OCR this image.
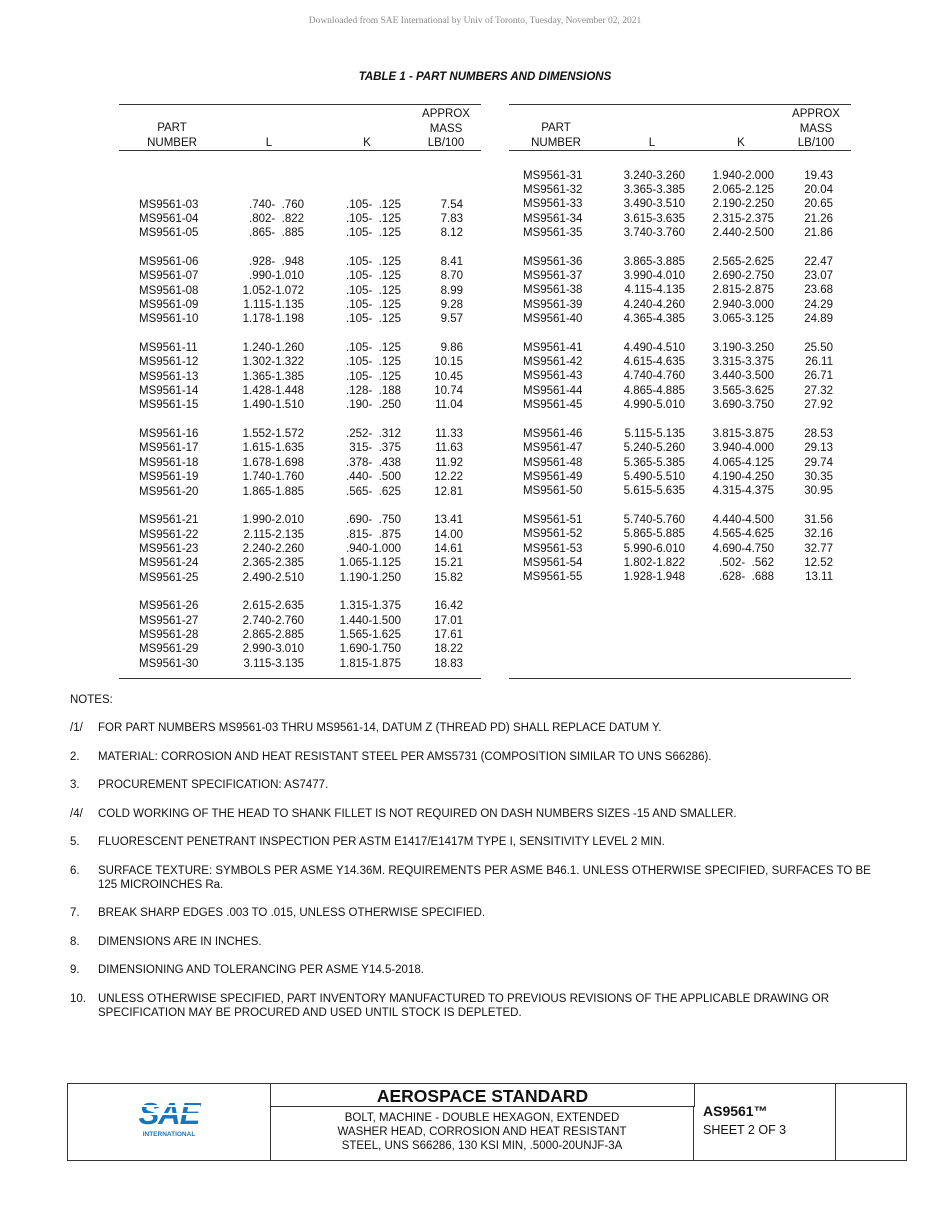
Downloaded from SAE International by Univ of Toronto, Tuesday, November 02, 2021
TABLE 1 - PART NUMBERS AND DIMENSIONS
PART
NUMBER	L	K
APPROX
MASS
LB/100
MS9561-03	.740-  .760	.105-  .125	7.54
MS9561-04	.802-  .822	.105-  .125	7.83
MS9561-05	.865-  .885	.105-  .125	8.12
MS9561-06	.928-  .948	.105-  .125	8.41
MS9561-07	.990-1.010	.105-  .125	8.70
MS9561-08	1.052-1.072	.105-  .125	8.99
MS9561-09	1.115-1.135	.105-  .125	9.28
MS9561-10	1.178-1.198	.105-  .125	9.57
MS9561-11	1.240-1.260	.105-  .125	9.86
MS9561-12	1.302-1.322	.105-  .125	10.15
MS9561-13	1.365-1.385	.105-  .125	10.45
MS9561-14	1.428-1.448	.128-  .188	10.74
MS9561-15	1.490-1.510	.190-  .250	11.04
MS9561-16	1.552-1.572	.252-  .312	11.33
MS9561-17	1.615-1.635	315-  .375	11.63
MS9561-18	1.678-1.698	.378-  .438	11.92
MS9561-19	1.740-1.760	.440-  .500	12.22
MS9561-20	1.865-1.885	.565-  .625	12.81
MS9561-21	1.990-2.010	.690-  .750	13.41
MS9561-22	2.115-2.135	.815-  .875	14.00
MS9561-23	2.240-2.260	.940-1.000	14.61
MS9561-24	2.365-2.385	1.065-1.125	15.21
MS9561-25	2.490-2.510	1.190-1.250	15.82
MS9561-26	2.615-2.635	1.315-1.375	16.42
MS9561-27	2.740-2.760	1.440-1.500	17.01
MS9561-28	2.865-2.885	1.565-1.625	17.61
MS9561-29	2.990-3.010	1.690-1.750	18.22
MS9561-30	3.115-3.135	1.815-1.875	18.83
PART
NUMBER	L	K
APPROX
MASS
LB/100
MS9561-31	3.240-3.260 1.940-2.000	19.43
MS9561-32	3.365-3.385 2.065-2.125	20.04
MS9561-33	3.490-3.510 2.190-2.250	20.65
MS9561-34	3.615-3.635 2.315-2.375	21.26
MS9561-35	3.740-3.760 2.440-2.500	21.86
MS9561-36	3.865-3.885 2.565-2.625	22.47
MS9561-37	3.990-4.010 2.690-2.750	23.07
MS9561-38	4.115-4.135 2.815-2.875	23.68
MS9561-39	4.240-4.260 2.940-3.000	24.29
MS9561-40	4.365-4.385 3.065-3.125	24.89
MS9561-41	4.490-4.510 3.190-3.250	25.50
MS9561-42	4.615-4.635 3.315-3.375	26.11
MS9561-43	4.740-4.760 3.440-3.500	26.71
MS9561-44	4.865-4.885 3.565-3.625	27.32
MS9561-45	4.990-5.010 3.690-3.750	27.92
MS9561-46	5.115-5.135 3.815-3.875	28.53
MS9561-47	5.240-5.260 3.940-4.000	29.13
MS9561-48	5.365-5.385 4.065-4.125	29.74
MS9561-49	5.490-5.510 4.190-4.250	30.35
MS9561-50	5.615-5.635 4.315-4.375	30.95
MS9561-51	5.740-5.760 4.440-4.500	31.56
MS9561-52	5.865-5.885 4.565-4.625	32.16
MS9561-53	5.990-6.010 4.690-4.750	32.77
MS9561-54	1.802-1.822	.502-  .562	12.52
MS9561-55	1.928-1.948	.628-  .688	13.11
NOTES:
/1/ FOR PART NUMBERS MS9561-03 THRU MS9561-14, DATUM Z (THREAD PD) SHALL REPLACE DATUM Y.
2. MATERIAL: CORROSION AND HEAT RESISTANT STEEL PER AMS5731 (COMPOSITION SIMILAR TO UNS S66286).
3. PROCUREMENT SPECIFICATION: AS7477.
/4/ COLD WORKING OF THE HEAD TO SHANK FILLET IS NOT REQUIRED ON DASH NUMBERS SIZES -15 AND SMALLER.
5. FLUORESCENT PENETRANT INSPECTION PER ASTM E1417/E1417M TYPE I, SENSITIVITY LEVEL 2 MIN.
6. SURFACE TEXTURE: SYMBOLS PER ASME Y14.36M. REQUIREMENTS PER ASME B46.1. UNLESS OTHERWISE SPECIFIED, SURFACES TO BE 125 MICROINCHES Ra.
7. BREAK SHARP EDGES .003 TO .015, UNLESS OTHERWISE SPECIFIED.
8. DIMENSIONS ARE IN INCHES.
9. DIMENSIONING AND TOLERANCING PER ASME Y14.5-2018.
10. UNLESS OTHERWISE SPECIFIED, PART INVENTORY MANUFACTURED TO PREVIOUS REVISIONS OF THE APPLICABLE DRAWING OR SPECIFICATION MAY BE PROCURED AND USED UNTIL STOCK IS DEPLETED.
SAE
INTERNATIONAL
AEROSPACE STANDARD
BOLT, MACHINE - DOUBLE HEXAGON, EXTENDED
WASHER HEAD, CORROSION AND HEAT RESISTANT
STEEL, UNS S66286, 130 KSI MIN, .5000-20UNJF-3A
AS9561™
SHEET 2 OF 3
